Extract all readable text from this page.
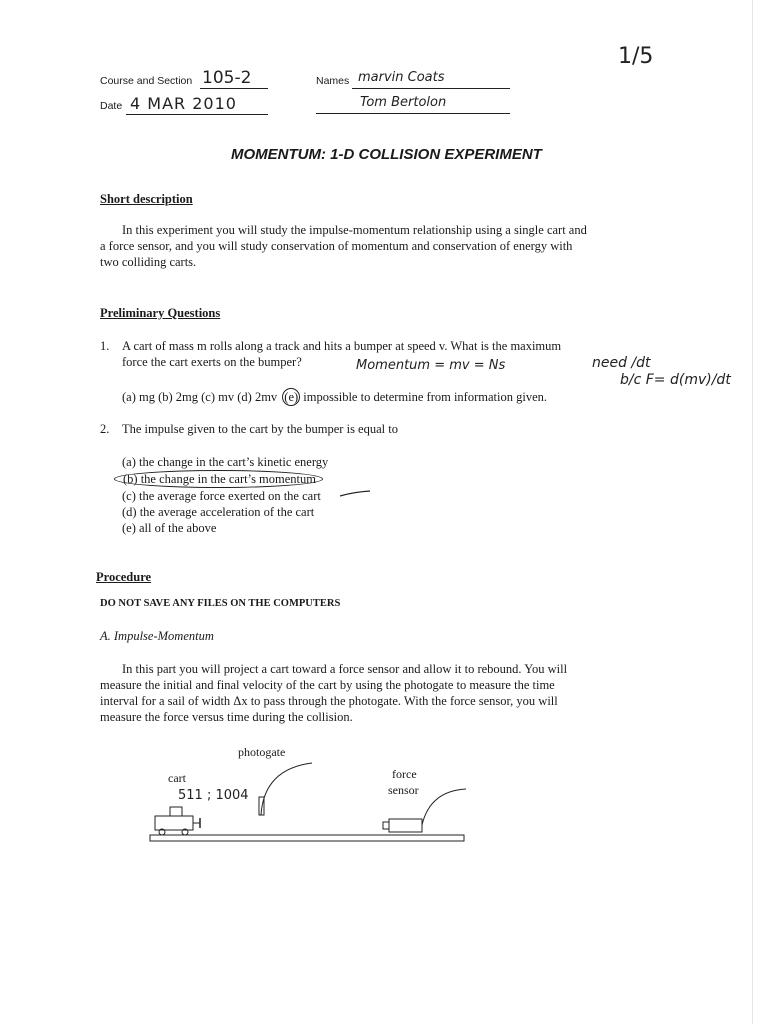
1/5
Course and Section 105-2
Date 4 MAR 2010
Names marvin Coats
Tom Bertolon
MOMENTUM: 1-D COLLISION EXPERIMENT
Short description
In this experiment you will study the impulse-momentum relationship using a single cart and
a force sensor, and you will study conservation of momentum and conservation of energy with
two colliding carts.
Preliminary Questions
1. A cart of mass m rolls along a track and hits a bumper at speed v. What is the maximum
force the cart exerts on the bumper?	Momentum = mv = Ns	need /dt
b/c F= d(mv)/dt
(a) mg (b) 2mg (c) mv (d) 2mv (e) impossible to determine from information given.
2. The impulse given to the cart by the bumper is equal to
(a) the change in the cart’s kinetic energy
(b) the change in the cart’s momentum
(c) the average force exerted on the cart
(d) the average acceleration of the cart
(e) all of the above
Procedure
DO NOT SAVE ANY FILES ON THE COMPUTERS
A. Impulse-Momentum
In this part you will project a cart toward a force sensor and allow it to rebound. You will
measure the initial and final velocity of the cart by using the photogate to measure the time
interval for a sail of width Δx to pass through the photogate. With the force sensor, you will
measure the force versus time during the collision.
photogate
cart	force
sensor
511 ; 1004
